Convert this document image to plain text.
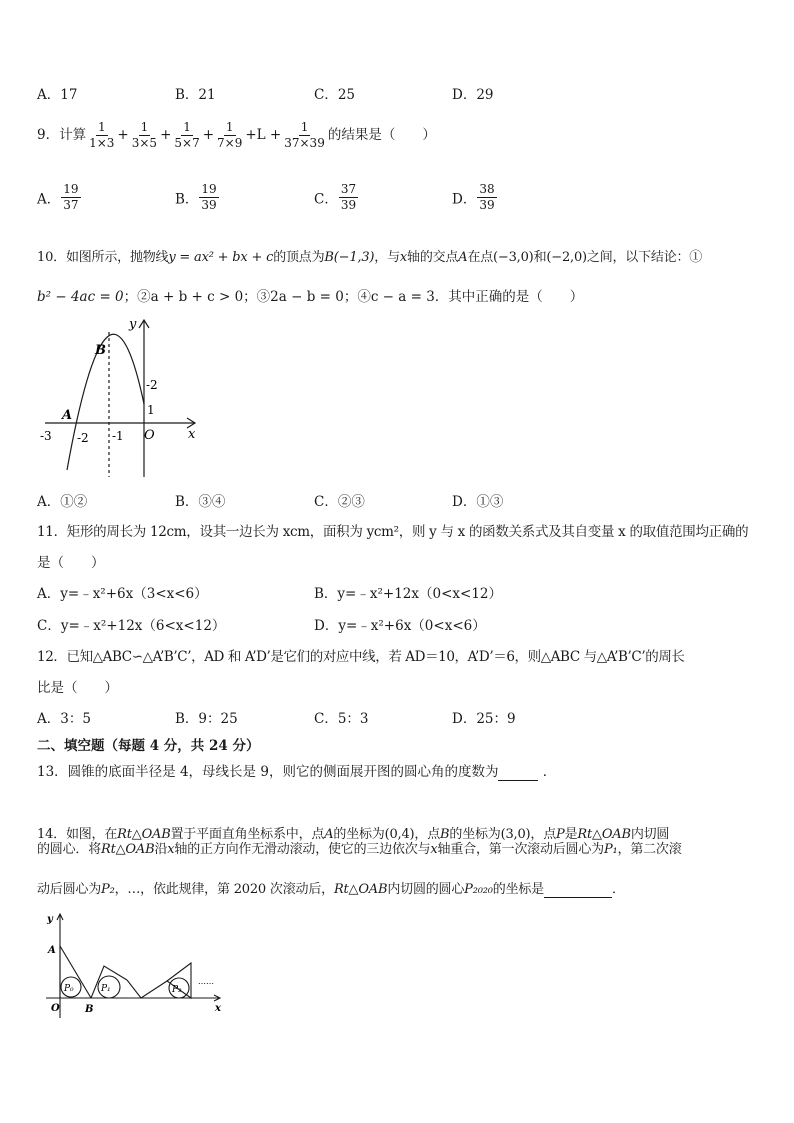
A．17	B．21	C．25	D．29
9．计算 $\frac{1}{1\times 3} + \frac{1}{3\times 5} + \frac{1}{5\times 7} + \frac{1}{7\times 9} +L + \frac{1}{37\times 39}$ 的结果是（　　）
A． $\frac{19}{37}$	B． $\frac{19}{39}$	C． $\frac{37}{39}$	D． $\frac{38}{39}$
10．如图所示，抛物线y = ax² + bx + c的顶点为B(−1,3)，与x轴的交点A在点(−3,0)和(−2,0)之间，以下结论：①
b² − 4ac = 0；②a + b + c > 0；③2a − b = 0；④c − a = 3．其中正确的是（　　）
y
x
B
A
-3 -2 -1 O
-2
1
A．①②	B．③④	C．②③	D．①③
11．矩形的周长为 12cm，设其一边长为 xcm，面积为 ycm²，则 y 与 x 的函数关系式及其自变量 x 的取值范围均正确的
是（　　）
A．y=﹣x²+6x（3<x<6）	B．y=﹣x²+12x（0<x<12）
C．y=﹣x²+12x（6<x<12）	D．y=﹣x²+6x（0<x<6）
12．已知△ABC∽△A’B’C’，AD 和 A’D’是它们的对应中线，若 AD＝10，A’D’＝6，则△ABC 与△A’B’C’的周长
比是（　　）
A．3：5	B．9：25	C．5：3	D．25：9
二、填空题（每题 4 分，共 24 分）
13．圆锥的底面半径是 4，母线长是 9，则它的侧面展开图的圆心角的度数为	．
14．如图，在Rt△OAB置于平面直角坐标系中，点A的坐标为(0,4)，点B的坐标为(3,0)，点P是Rt△OAB内切圆
的圆心．将Rt△OAB沿x轴的正方向作无滑动滚动，使它的三边依次与x轴重合，第一次滚动后圆心为P₁，第二次滚
动后圆心为P₂，…，依此规律，第 2020 次滚动后，Rt△OAB内切圆的圆心P₂₀₂₀的坐标是	．
y
x
A
O	B
P₀	P₁	P₂
……
